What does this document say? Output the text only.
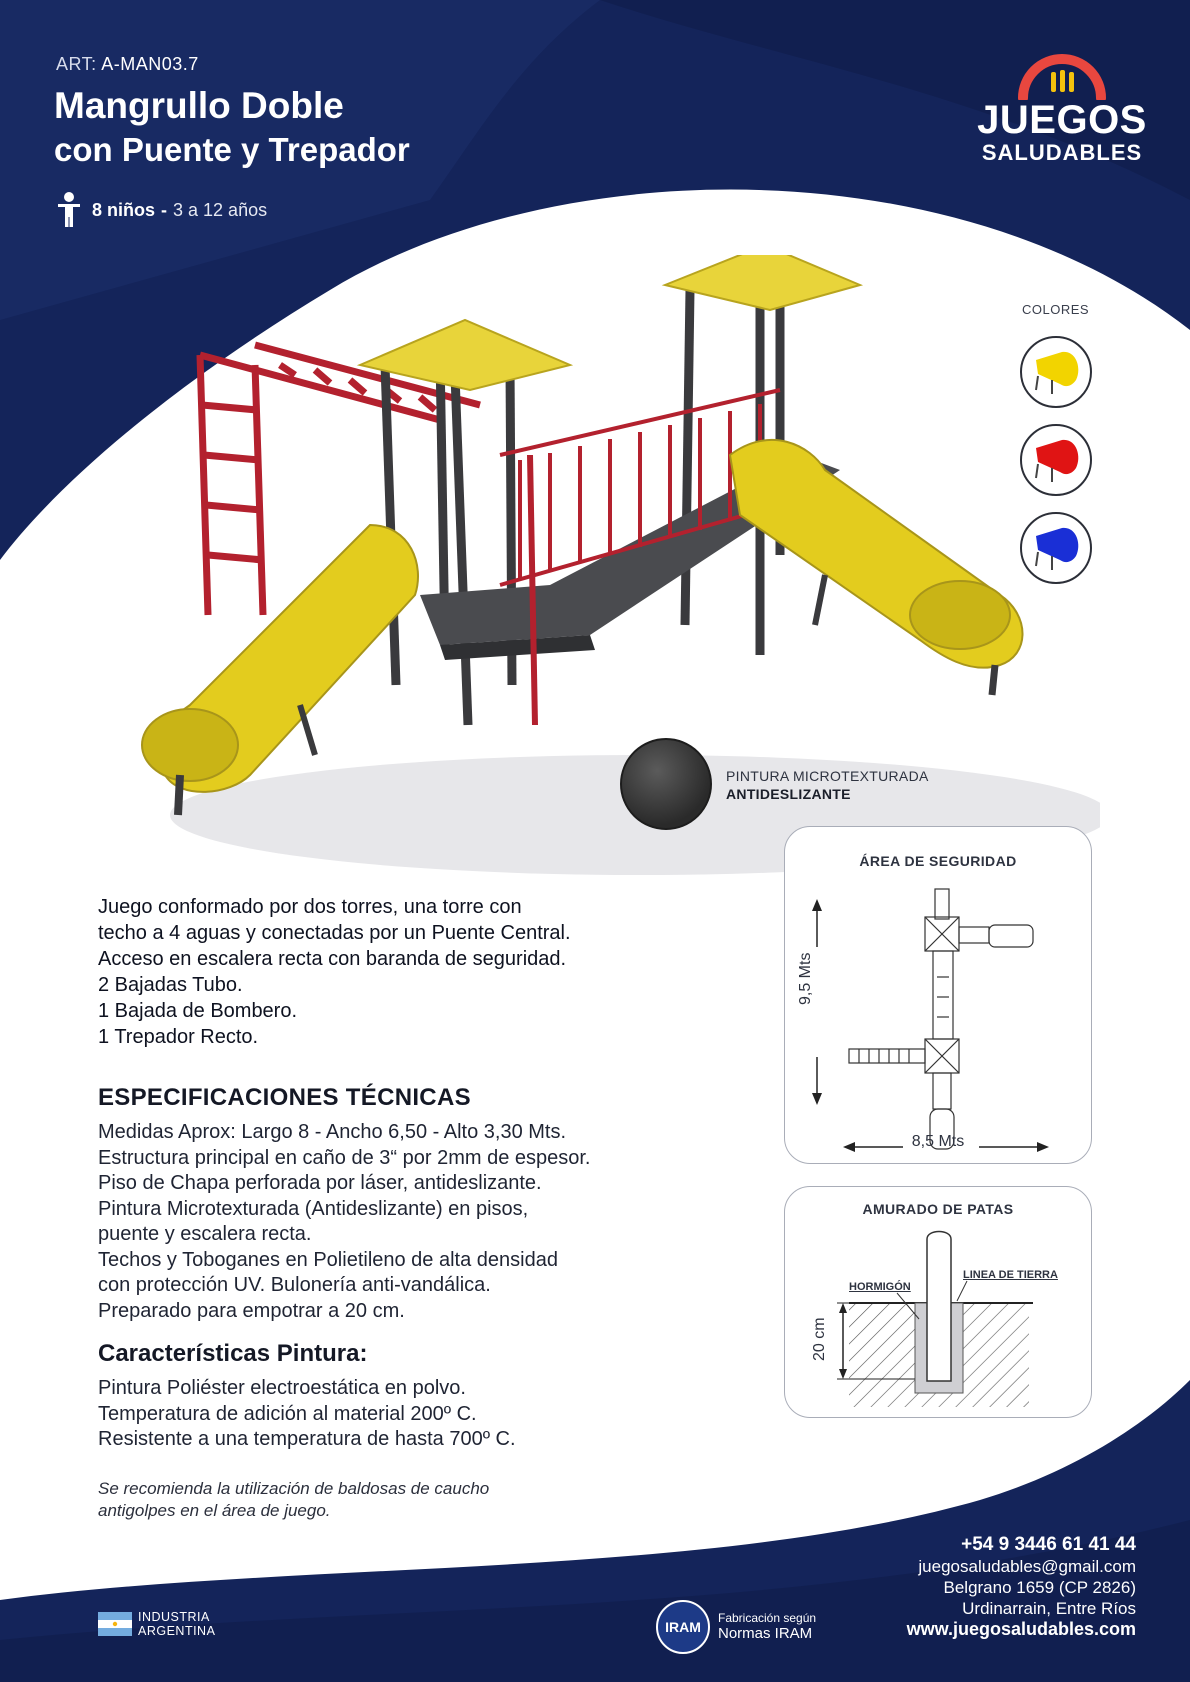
ART: A-MAN03.7
Mangrullo Doble
con Puente y Trepador
8 niños - 3 a 12 años
JUEGOS
SALUDABLES
COLORES
PINTURA MICROTEXTURADA
ANTIDESLIZANTE
Juego conformado por dos torres, una torre con
techo a 4 aguas y conectadas por un Puente Central.
Acceso en escalera recta con baranda de seguridad.
2 Bajadas Tubo.
1 Bajada de Bombero.
1 Trepador Recto.
ESPECIFICACIONES TÉCNICAS
Medidas Aprox: Largo 8 - Ancho 6,50 - Alto 3,30 Mts.
Estructura principal en caño de 3“ por 2mm de espesor.
Piso de Chapa perforada por láser, antideslizante.
Pintura Microtexturada (Antideslizante) en pisos,
puente y escalera recta.
Techos y Toboganes en Polietileno de alta densidad
con protección UV. Bulonería anti-vandálica.
Preparado para empotrar a 20 cm.
Características Pintura:
Pintura Poliéster electroestática en polvo.
Temperatura de adición al material 200º C.
Resistente a una temperatura de hasta 700º C.
Se recomienda la utilización de baldosas de caucho
antigolpes en el área de juego.
ÁREA DE SEGURIDAD
9,5 Mts
8,5 Mts
AMURADO DE PATAS
HORMIGÓN
LINEA DE TIERRA
20 cm
+54 9 3446 61 41 44
juegosaludables@gmail.com
Belgrano 1659 (CP 2826)
Urdinarrain, Entre Ríos
www.juegosaludables.com
INDUSTRIA
ARGENTINA	IRAM
Fabricación según
Normas IRAM
